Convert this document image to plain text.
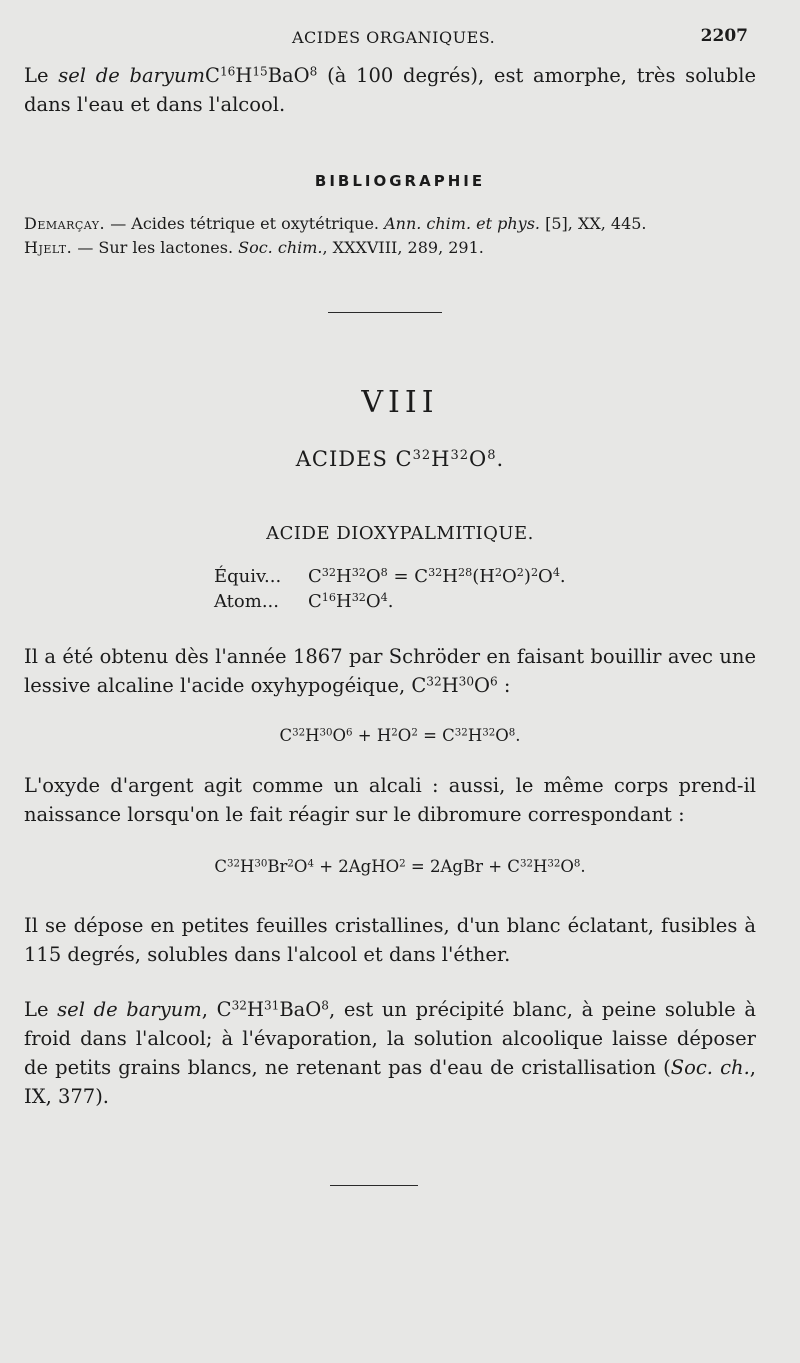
ACIDES ORGANIQUES.	2207
Le sel de $baryumC^{16}H^{15}BaO^8$ (à 100 degrés), est amorphe, très soluble dans l'eau et dans l'alcool.
BIBLIOGRAPHIE
Demarçay. — Acides tétrique et oxytétrique. Ann. chim. et phys. [5], XX, 445.
Hjelt. — Sur les lactones. Soc. chim., XXXVIII, 289, 291.
VIII
ACIDES $C^{32}H^{32}O^8$.
ACIDE DIOXYPALMITIQUE.
Équiv... $C^{32}H^{32}O^8 = C^{32}H^{28}(H^2O^2)^2O^4$.
Atom... $C^{16}H^{32}O^4$.
Il a été obtenu dès l'année 1867 par Schröder en faisant bouillir avec une lessive alcaline l'acide oxyhypogéique, $C^{32}H^{30}O^6$ :
$C^{32}H^{30}O^6 + H^2O^2 = C^{32}H^{32}O^8$.
L'oxyde d'argent agit comme un alcali : aussi, le même corps prend-il naissance lorsqu'on le fait réagir sur le dibromure correspondant :
$C^{32}H^{30}Br^2O^4$ + 2AgHO$^2$ = 2AgBr + $C^{32}H^{32}O^8$.
Il se dépose en petites feuilles cristallines, d'un blanc éclatant, fusibles à 115 degrés, solubles dans l'alcool et dans l'éther.
Le sel de baryum, $C^{32}H^{31}BaO^8$, est un précipité blanc, à peine soluble à froid dans l'alcool; à l'évaporation, la solution alcoolique laisse déposer de petits grains blancs, ne retenant pas d'eau de cristallisation (Soc. ch., IX, 377).
